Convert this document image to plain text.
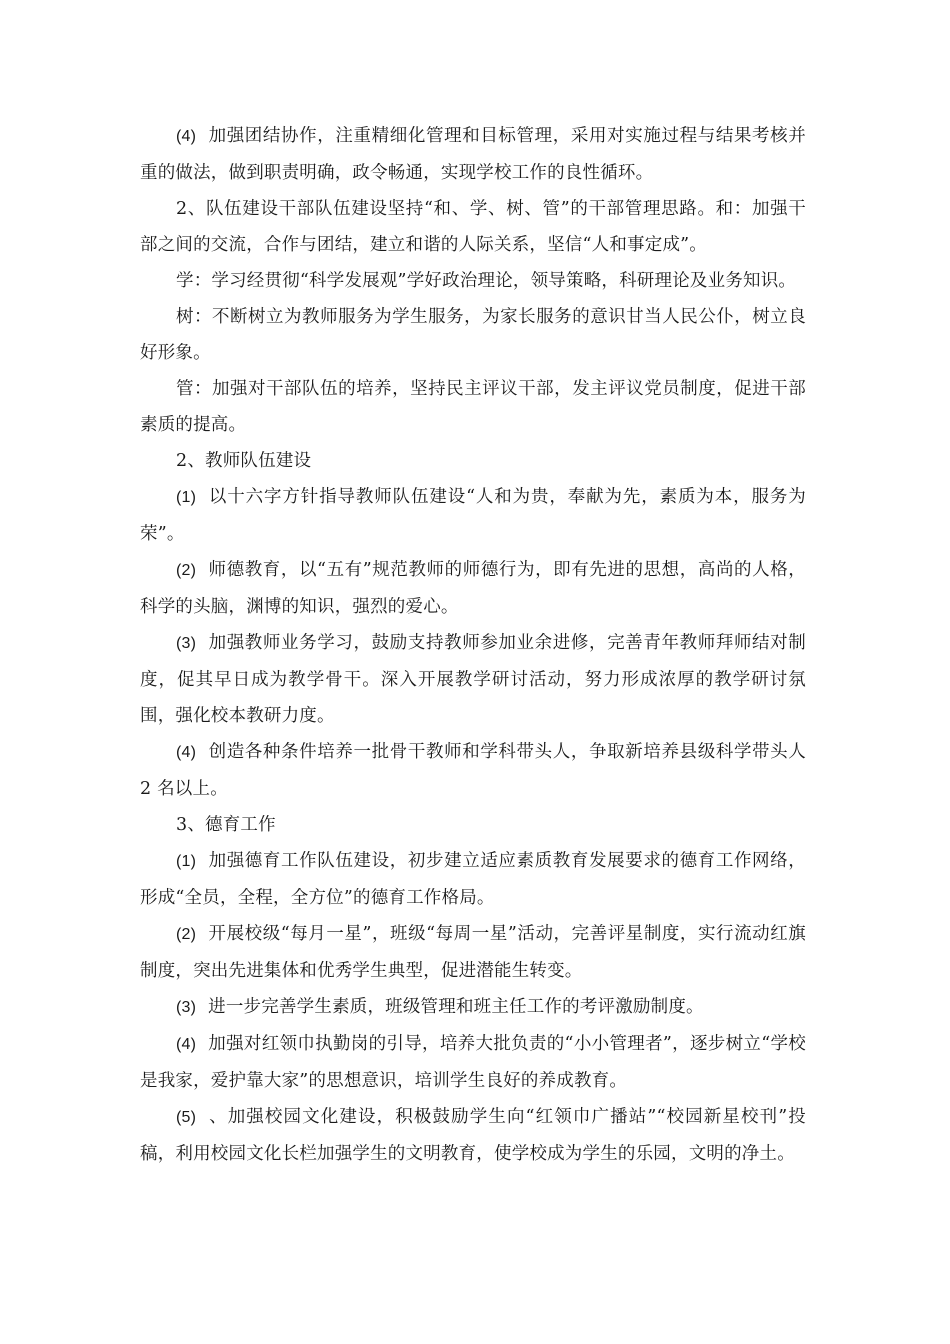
(4) 加强团结协作，注重精细化管理和目标管理，采用对实施过程与结果考核并重的做法，做到职责明确，政令畅通，实现学校工作的良性循环。

2、队伍建设干部队伍建设坚持“和、学、树、管”的干部管理思路。和：加强干部之间的交流，合作与团结，建立和谐的人际关系，坚信“人和事定成”。

学：学习经贯彻“科学发展观”学好政治理论，领导策略，科研理论及业务知识。

树：不断树立为教师服务为学生服务，为家长服务的意识甘当人民公仆，树立良好形象。

管：加强对干部队伍的培养，坚持民主评议干部，发主评议党员制度，促进干部素质的提高。

2、教师队伍建设

(1) 以十六字方针指导教师队伍建设“人和为贵，奉献为先，素质为本，服务为荣”。

(2) 师德教育，以“五有”规范教师的师德行为，即有先进的思想，高尚的人格，科学的头脑，渊博的知识，强烈的爱心。

(3) 加强教师业务学习，鼓励支持教师参加业余进修，完善青年教师拜师结对制度，促其早日成为教学骨干。深入开展教学研讨活动，努力形成浓厚的教学研讨氛围，强化校本教研力度。

(4) 创造各种条件培养一批骨干教师和学科带头人，争取新培养县级科学带头人 2 名以上。

3、德育工作

(1) 加强德育工作队伍建设，初步建立适应素质教育发展要求的德育工作网络，形成“全员，全程，全方位”的德育工作格局。

(2) 开展校级“每月一星”，班级“每周一星”活动，完善评星制度，实行流动红旗制度，突出先进集体和优秀学生典型，促进潜能生转变。

(3) 进一步完善学生素质，班级管理和班主任工作的考评激励制度。

(4) 加强对红领巾执勤岗的引导，培养大批负责的“小小管理者”，逐步树立“学校是我家，爱护靠大家”的思想意识，培训学生良好的养成教育。

(5) 、加强校园文化建设，积极鼓励学生向“红领巾广播站”“校园新星校刊”投稿，利用校园文化长栏加强学生的文明教育，使学校成为学生的乐园，文明的净土。
